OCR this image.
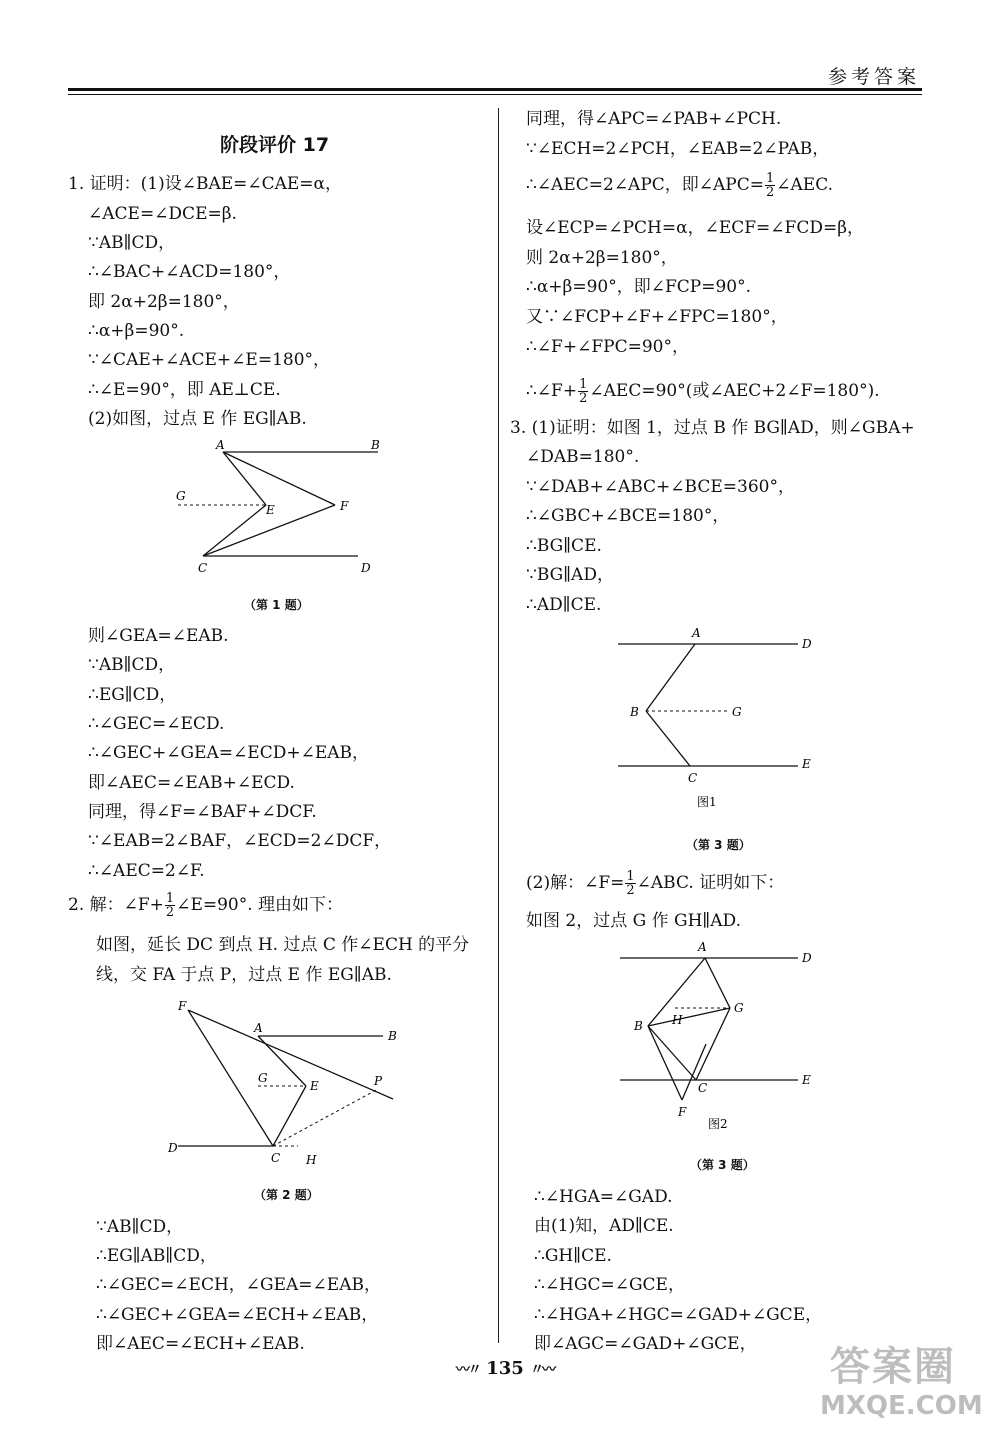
参考答案
阶段评价 17
1. 证明：(1)设∠BAE=∠CAE=α，
∠ACE=∠DCE=β.
∵AB∥CD，
∴∠BAC+∠ACD=180°，
即 2α+2β=180°，
∴α+β=90°.
∵∠CAE+∠ACE+∠E=180°，
∴∠E=90°，即 AE⊥CE.
(2)如图，过点 E 作 EG∥AB.
A	B
C	D
E	F
G
（第 1 题）
则∠GEA=∠EAB.
∵AB∥CD，
∴EG∥CD，
∴∠GEC=∠ECD.
∴∠GEC+∠GEA=∠ECD+∠EAB，
即∠AEC=∠EAB+∠ECD.
同理，得∠F=∠BAF+∠DCF.
∵∠EAB=2∠BAF，∠ECD=2∠DCF，
∴∠AEC=2∠F.
2. 解：∠F+ $\frac{1}{2}$ ∠E=90°. 理由如下：
如图，延长 DC 到点 H. 过点 C 作∠ECH 的平分
线，交 FA 于点 P，过点 E 作 EG∥AB.
F
A
B
G
E	P
D
C H
（第 2 题）
∵AB∥CD，
∴EG∥AB∥CD，
∴∠GEC=∠ECH，∠GEA=∠EAB，
∴∠GEC+∠GEA=∠ECH+∠EAB，
即∠AEC=∠ECH+∠EAB.
同理，得∠APC=∠PAB+∠PCH.
∵∠ECH=2∠PCH，∠EAB=2∠PAB，
∴∠AEC=2∠APC，即∠APC= $\frac{1}{2}$ ∠AEC.
设∠ECP=∠PCH=α，∠ECF=∠FCD=β，
则 2α+2β=180°，
∴α+β=90°，即∠FCP=90°.
又∵∠FCP+∠F+∠FPC=180°，
∴∠F+∠FPC=90°，
∴∠F+ $\frac{1}{2}$ ∠AEC=90°(或∠AEC+2∠F=180°).
3. (1)证明：如图 1，过点 B 作 BG∥AD，则∠GBA+
∠DAB=180°.
∵∠DAB+∠ABC+∠BCE=360°，
∴∠GBC+∠BCE=180°，
∴BG∥CE.
∵BG∥AD，
∴AD∥CE.
A
D
B	G
C
E
图1
（第 3 题）
(2)解：∠F= $\frac{1}{2}$ ∠ABC. 证明如下：
如图 2，过点 G 作 GH∥AD.
A
D
B H
G
C
E
F
图2
（第 3 题）
∴∠HGA=∠GAD.
由(1)知，AD∥CE.
∴GH∥CE.
∴∠HGC=∠GCE，
∴∠HGA+∠HGC=∠GAD+∠GCE，
即∠AGC=∠GAD+∠GCE，
〰〃 135 〃〰	答案圈
MXQE.COM
